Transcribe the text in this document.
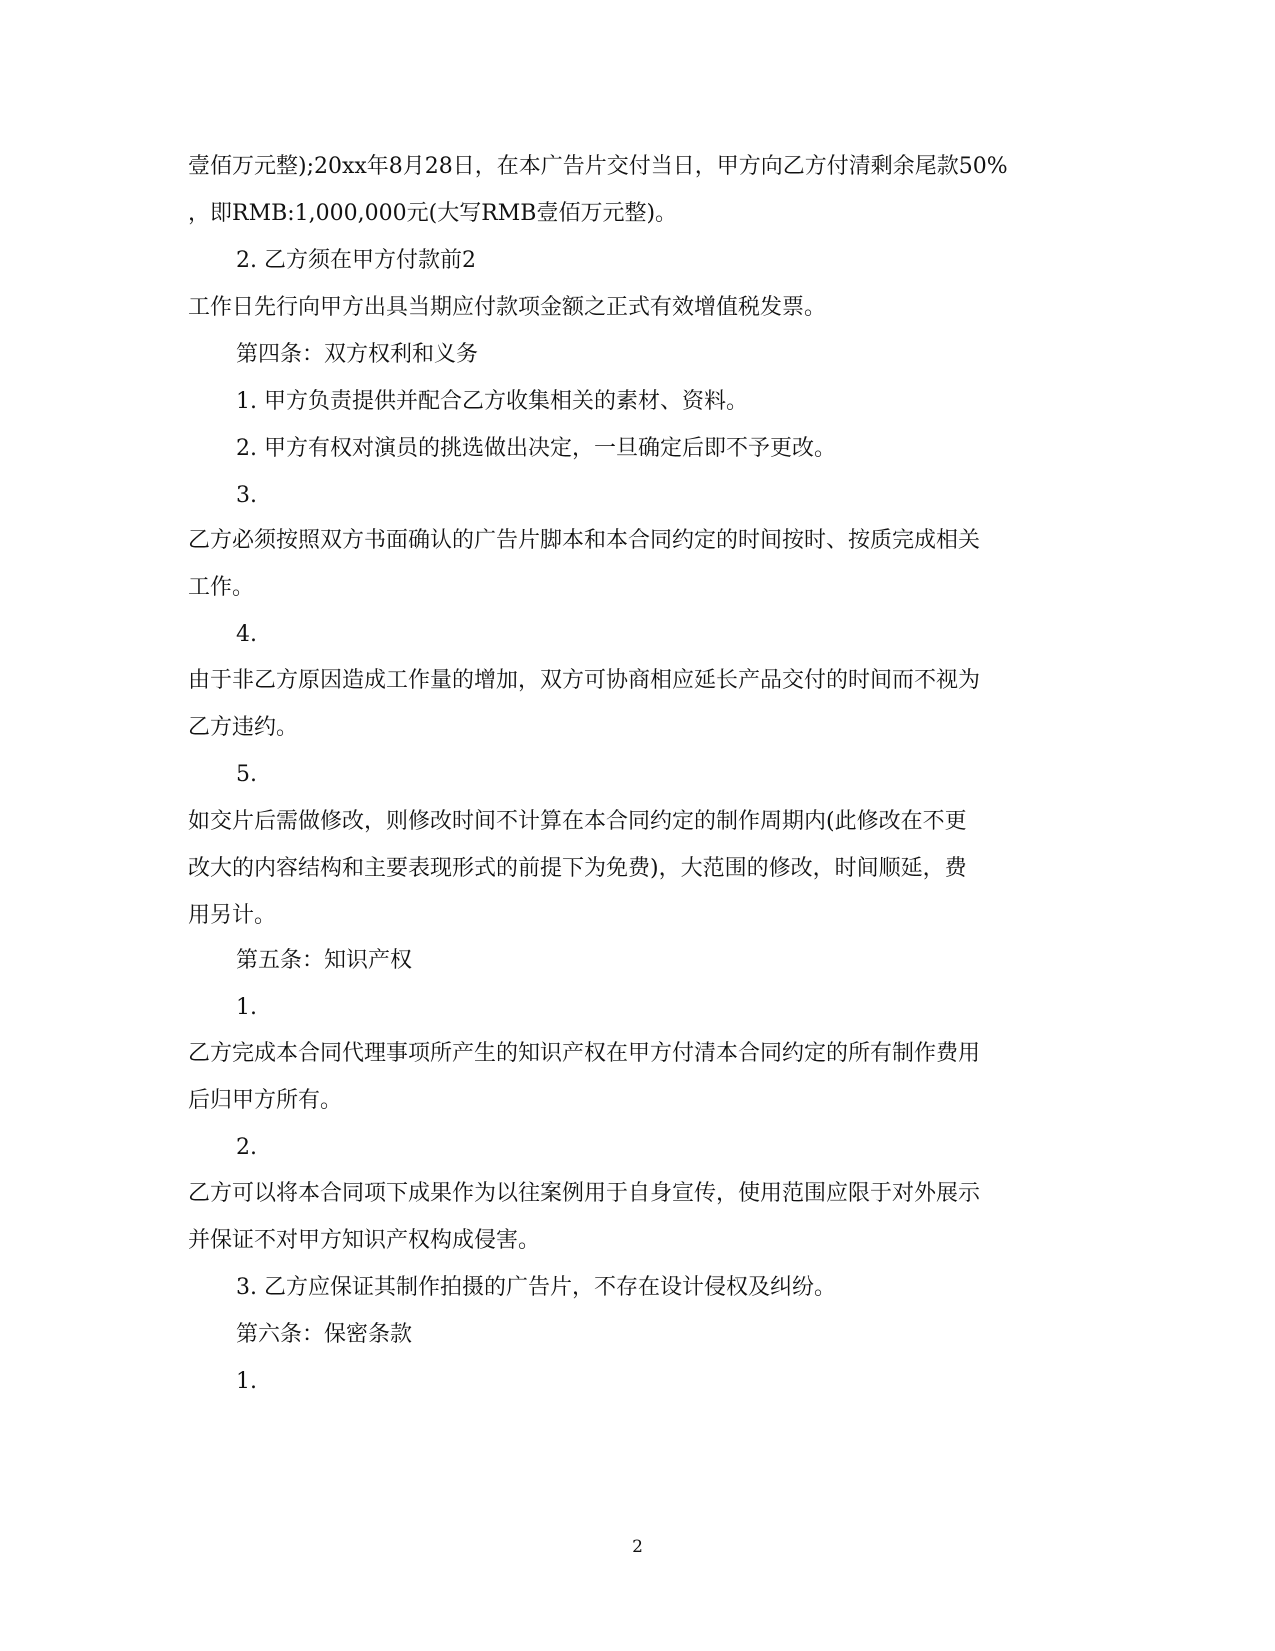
壹佰万元整);20xx年8月28日，在本广告片交付当日，甲方向乙方付清剩余尾款50%
，即RMB:1,000,000元(大写RMB壹佰万元整)。
2. 乙方须在甲方付款前2
工作日先行向甲方出具当期应付款项金额之正式有效增值税发票。
第四条：双方权利和义务
1. 甲方负责提供并配合乙方收集相关的素材、资料。
2. 甲方有权对演员的挑选做出决定，一旦确定后即不予更改。
3.
乙方必须按照双方书面确认的广告片脚本和本合同约定的时间按时、按质完成相关
工作。
4.
由于非乙方原因造成工作量的增加，双方可协商相应延长产品交付的时间而不视为
乙方违约。
5.
如交片后需做修改，则修改时间不计算在本合同约定的制作周期内(此修改在不更
改大的内容结构和主要表现形式的前提下为免费)，大范围的修改，时间顺延，费
用另计。
第五条：知识产权
1.
乙方完成本合同代理事项所产生的知识产权在甲方付清本合同约定的所有制作费用
后归甲方所有。
2.
乙方可以将本合同项下成果作为以往案例用于自身宣传，使用范围应限于对外展示
并保证不对甲方知识产权构成侵害。
3. 乙方应保证其制作拍摄的广告片，不存在设计侵权及纠纷。
第六条：保密条款
1.
2
